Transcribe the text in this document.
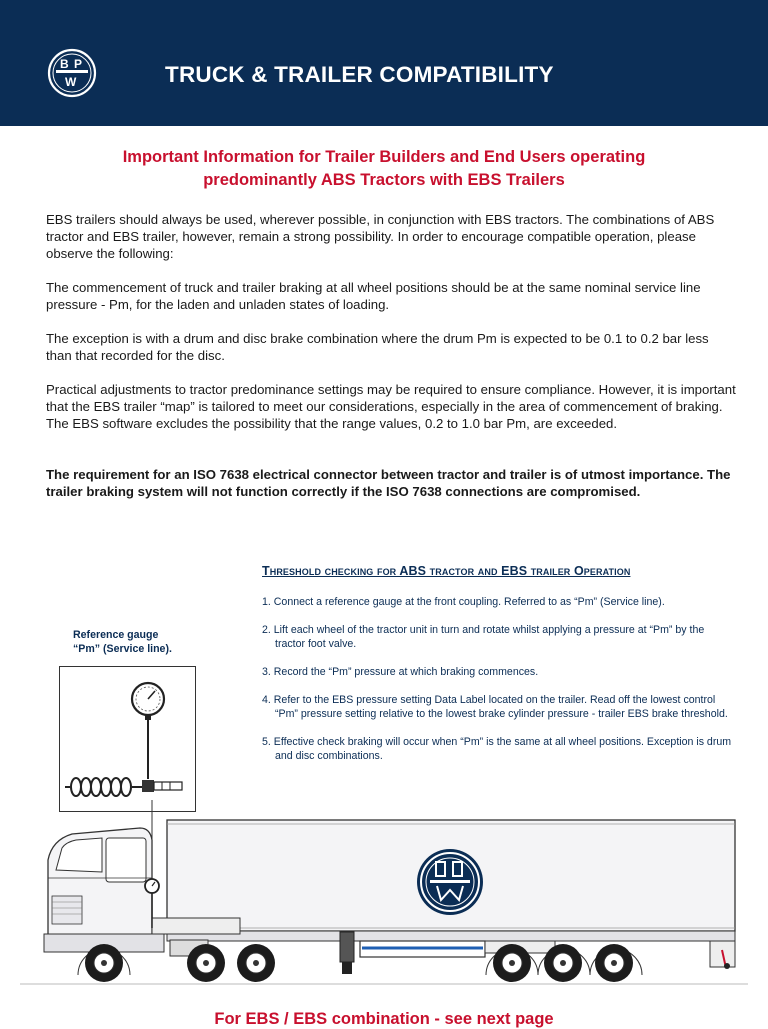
B P
W	TRUCK & TRAILER COMPATIBILITY
Important Information for Trailer Builders and End Users operating
predominantly ABS Tractors with EBS Trailers

EBS trailers should always be used, wherever possible, in conjunction with EBS tractors. The combinations of ABS tractor and EBS trailer, however, remain a strong possibility. In order to encourage compatible operation, please observe the following:

The commencement of truck and trailer braking at all wheel positions should be at the same nominal service line pressure - Pm, for the laden and unladen states of loading.

The exception is with a drum and disc brake combination where the drum Pm is expected to be 0.1 to 0.2 bar less than that recorded for the disc.

Practical adjustments to tractor predominance settings may be required to ensure compliance. However, it is important that the EBS trailer “map” is tailored to meet our considerations, especially in the area of commencement of braking. The EBS software excludes the possibility that the range values, 0.2 to 1.0 bar Pm, are exceeded.

The requirement for an ISO 7638 electrical connector between tractor and trailer is of utmost importance. The trailer braking system will not function correctly if the ISO 7638 connections are compromised.

Threshold checking for ABS tractor and EBS trailer Operation
1. Connect a reference gauge at the front coupling. Referred to as “Pm” (Service line).
2. Lift each wheel of the tractor unit in turn and rotate whilst applying a pressure at “Pm” by the tractor foot valve.
3. Record the “Pm” pressure at which braking commences.
4. Refer to the EBS pressure setting Data Label located on the trailer. Read off the lowest control “Pm” pressure setting relative to the lowest brake cylinder pressure - trailer EBS brake threshold.
5. Effective check braking will occur when “Pm” is the same at all wheel positions. Exception is drum and disc combinations.
Reference gauge
“Pm” (Service line).
For EBS / EBS combination - see next page
